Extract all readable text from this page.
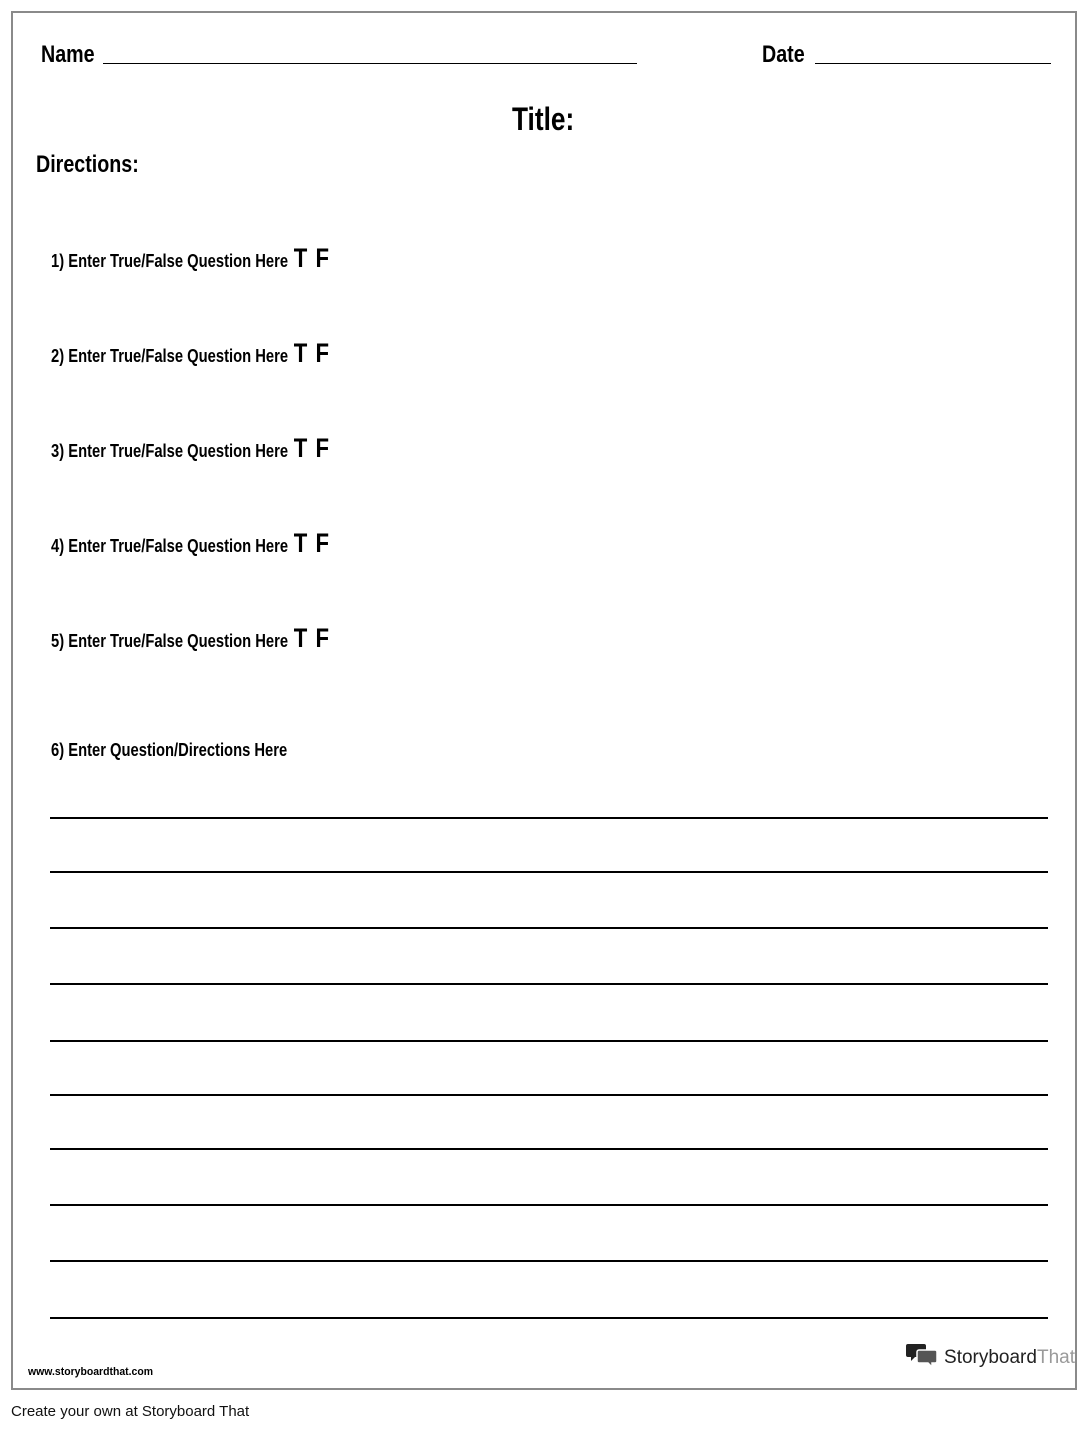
Name	Date
Title:
Directions:
1) Enter True/False Question Here T F
2) Enter True/False Question Here T F
3) Enter True/False Question Here T F
4) Enter True/False Question Here T F
5) Enter True/False Question Here T F
6) Enter Question/Directions Here
www.storyboardthat.com
StoryboardThat
Create your own at Storyboard That
